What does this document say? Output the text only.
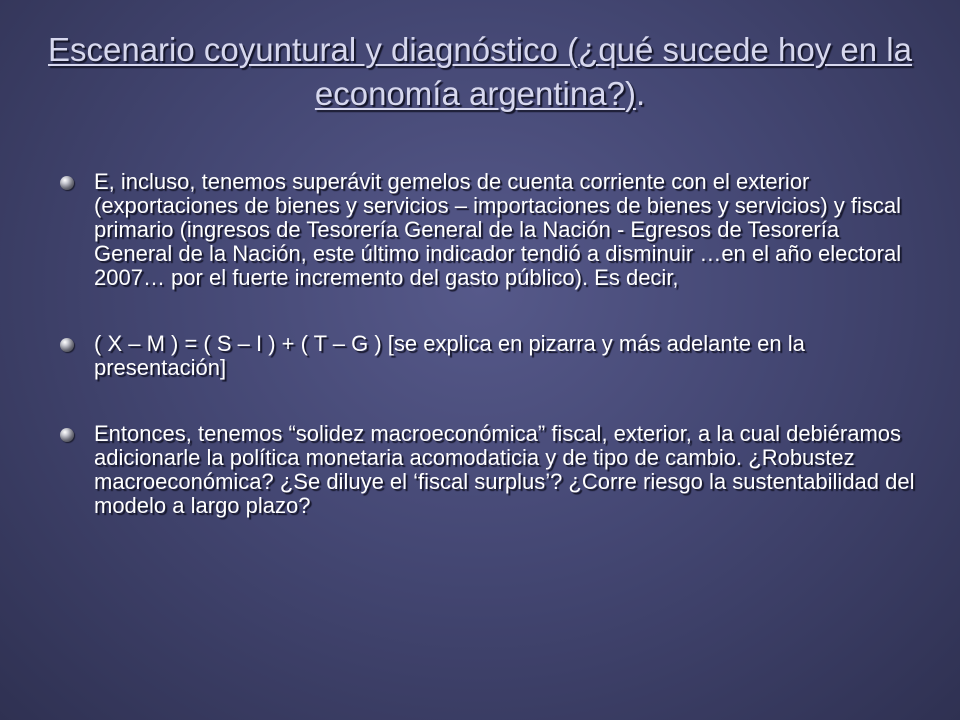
Escenario coyuntural y diagnóstico (¿qué sucede hoy en la economía argentina?).
E, incluso, tenemos superávit gemelos de cuenta corriente con el exterior (exportaciones de bienes y servicios – importaciones de bienes y servicios) y fiscal primario (ingresos de Tesorería General de la Nación - Egresos de Tesorería General de la Nación, este último indicador tendió a disminuir …en el año electoral 2007… por el fuerte incremento del gasto público). Es decir,
( X – M ) = ( S – I ) + ( T – G ) [se explica en pizarra y más adelante en la presentación]
Entonces, tenemos “solidez macroeconómica” fiscal, exterior, a la cual debiéramos adicionarle la política monetaria acomodaticia y de tipo de cambio. ¿Robustez macroeconómica? ¿Se diluye el ‘fiscal surplus’? ¿Corre riesgo la sustentabilidad del modelo a largo plazo?
